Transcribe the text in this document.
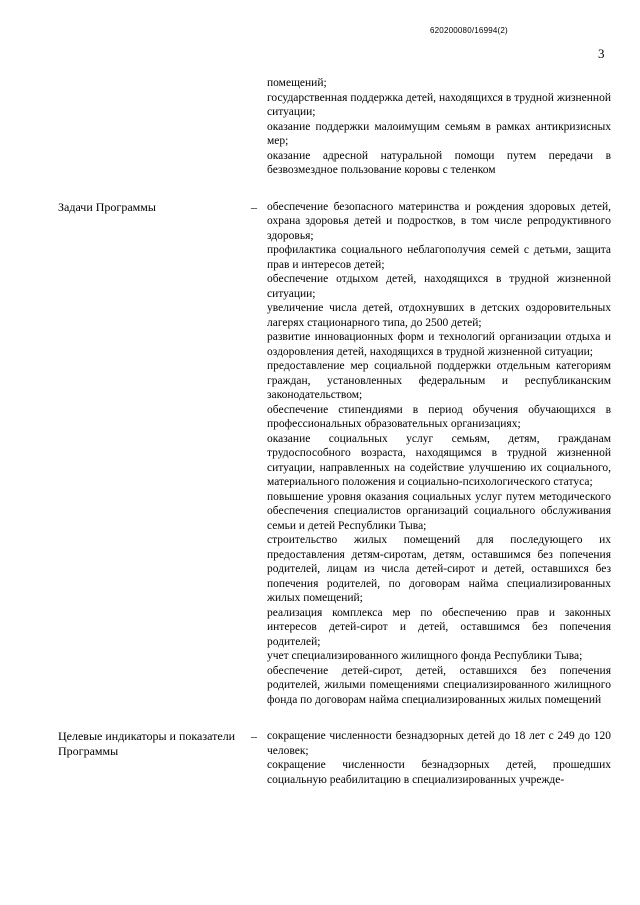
620200080/16994(2)
3

помещений;

государственная поддержка детей, находящихся в трудной жизненной ситуации;

оказание поддержки малоимущим семьям в рамках антикризисных мер;

оказание адресной натуральной помощи путем передачи в безвозмездное пользование коровы с теленком

Задачи Программы	– обеспечение безопасного материнства и рождения здоровых детей, охрана здоровья детей и подростков, в том числе репродуктивного здоровья;

профилактика социального неблагополучия семей с детьми, защита прав и интересов детей;

обеспечение отдыхом детей, находящихся в трудной жизненной ситуации;

увеличение числа детей, отдохнувших в детских оздоровительных лагерях стационарного типа, до 2500 детей;

развитие инновационных форм и технологий организации отдыха и оздоровления детей, находящихся в трудной жизненной ситуации;

предоставление мер социальной поддержки отдельным категориям граждан, установленных федеральным и республиканским законодательством;

обеспечение стипендиями в период обучения обучающихся в профессиональных образовательных организациях;

оказание социальных услуг семьям, детям, гражданам трудоспособного возраста, находящимся в трудной жизненной ситуации, направленных на содействие улучшению их социального, материального положения и социально-психологического статуса;

повышение уровня оказания социальных услуг путем методического обеспечения специалистов организаций социального обслуживания семьи и детей Республики Тыва;

строительство жилых помещений для последующего их предоставления детям-сиротам, детям, оставшимся без попечения родителей, лицам из числа детей-сирот и детей, оставшихся без попечения родителей, по договорам найма специализированных жилых помещений;

реализация комплекса мер по обеспечению прав и законных интересов детей-сирот и детей, оставшимся без попечения родителей;

учет специализированного жилищного фонда Республики Тыва;

обеспечение детей-сирот, детей, оставшихся без попечения родителей, жилыми помещениями специализированного жилищного фонда по договорам найма специализированных жилых помещений

Целевые индикаторы и показатели Программы
– сокращение численности безнадзорных детей до 18 лет с 249 до 120 человек;

сокращение численности безнадзорных детей, прошедших социальную реабилитацию в специализированных учрежде-
